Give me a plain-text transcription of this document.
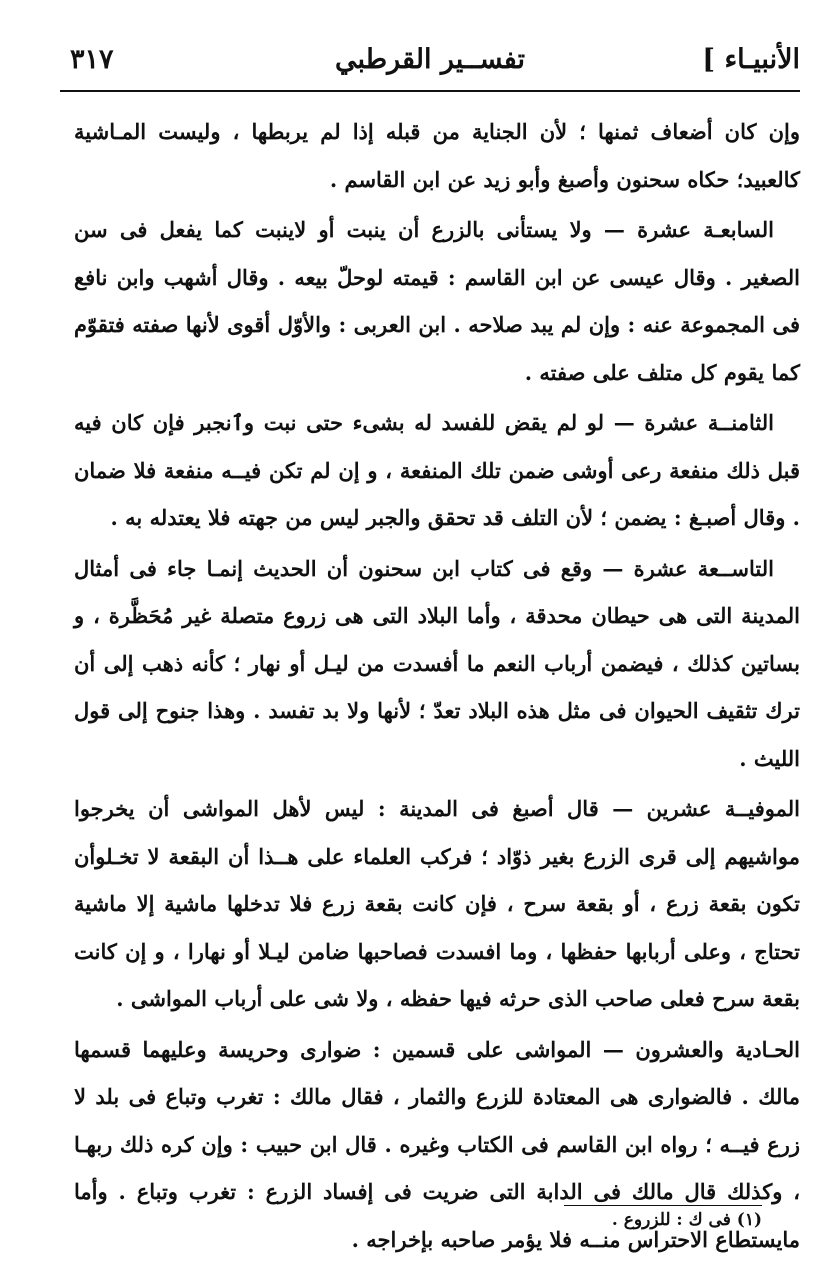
الأنبيـاء ]
تفســير القرطبي
٣١٧

وإن كان أضعاف ثمنها ؛ لأن الجناية من قبله إذا لم يربطها ، وليست المـاشية كالعبيد؛ حكاه سحنون وأصبغ وأبو زيد عن ابن القاسم .

السابعـة عشرة — ولا يستأنى بالزرع أن ينبت أو لاينبت كما يفعل فى سن الصغير . وقال عيسى عن ابن القاسم : قيمته لوحلّ بيعه . وقال أشهب وابن نافع فى المجموعة عنه : وإن لم يبد صلاحه . ابن العربى : والأوّل أقوى لأنها صفته فتقوّم كما يقوم كل متلف على صفته .

الثامنــة عشرة — لو لم يقض للفسد له بشىء حتى نبت وٱنجبر فإن كان فيه قبل ذلك منفعة رعى أوشى ضمن تلك المنفعة ، و إن لم تكن فيــه منفعة فلا ضمان . وقال أصبـغ : يضمن ؛ لأن التلف قد تحقق والجبر ليس من جهته فلا يعتدله به .

التاســعة عشرة — وقع فى كتاب ابن سحنون أن الحديث إنمـا جاء فى أمثال المدينة التى هى حيطان محدقة ، وأما البلاد التى هى زروع متصلة غير مُحَظَّرة ، و بساتين كذلك ، فيضمن أرباب النعم ما أفسدت من ليـل أو نهار ؛ كأنه ذهب إلى أن ترك تثقيف الحيوان فى مثل هذه البلاد تعدّ ؛ لأنها ولا بد تفسد . وهذا جنوح إلى قول الليث .

الموفيــة عشرين — قال أصبغ فى المدينة : ليس لأهل المواشى أن يخرجوا مواشيهم إلى قرى الزرع بغير ذوّاد ؛ فركب العلماء على هــذا أن البقعة لا تخـلوأن تكون بقعة زرع ، أو بقعة سرح ، فإن كانت بقعة زرع فلا تدخلها ماشية إلا ماشية تحتاج ، وعلى أربابها حفظها ، وما افسدت فصاحبها ضامن ليـلا أو نهارا ، و إن كانت بقعة سرح فعلى صاحب الذى حرثه فيها حفظه ، ولا شى على أرباب المواشى .

الحـادية والعشرون — المواشى على قسمين : ضوارى وحريسة وعليهما قسمها مالك . فالضوارى هى المعتادة للزرع والثمار ، فقال مالك : تغرب وتباع فى بلد لا زرع فيــه ؛ رواه ابن القاسم فى الكتاب وغيره . قال ابن حبيب : وإن كره ذلك ربهـا ، وكذلك قال مالك فى الدابة التى ضريت فى إفساد الزرع : تغرب وتباع . وأما مايستطاع الاحتراس منــه فلا يؤمر صاحبه بإخراجه .

(١) فى ك : للزروع .
